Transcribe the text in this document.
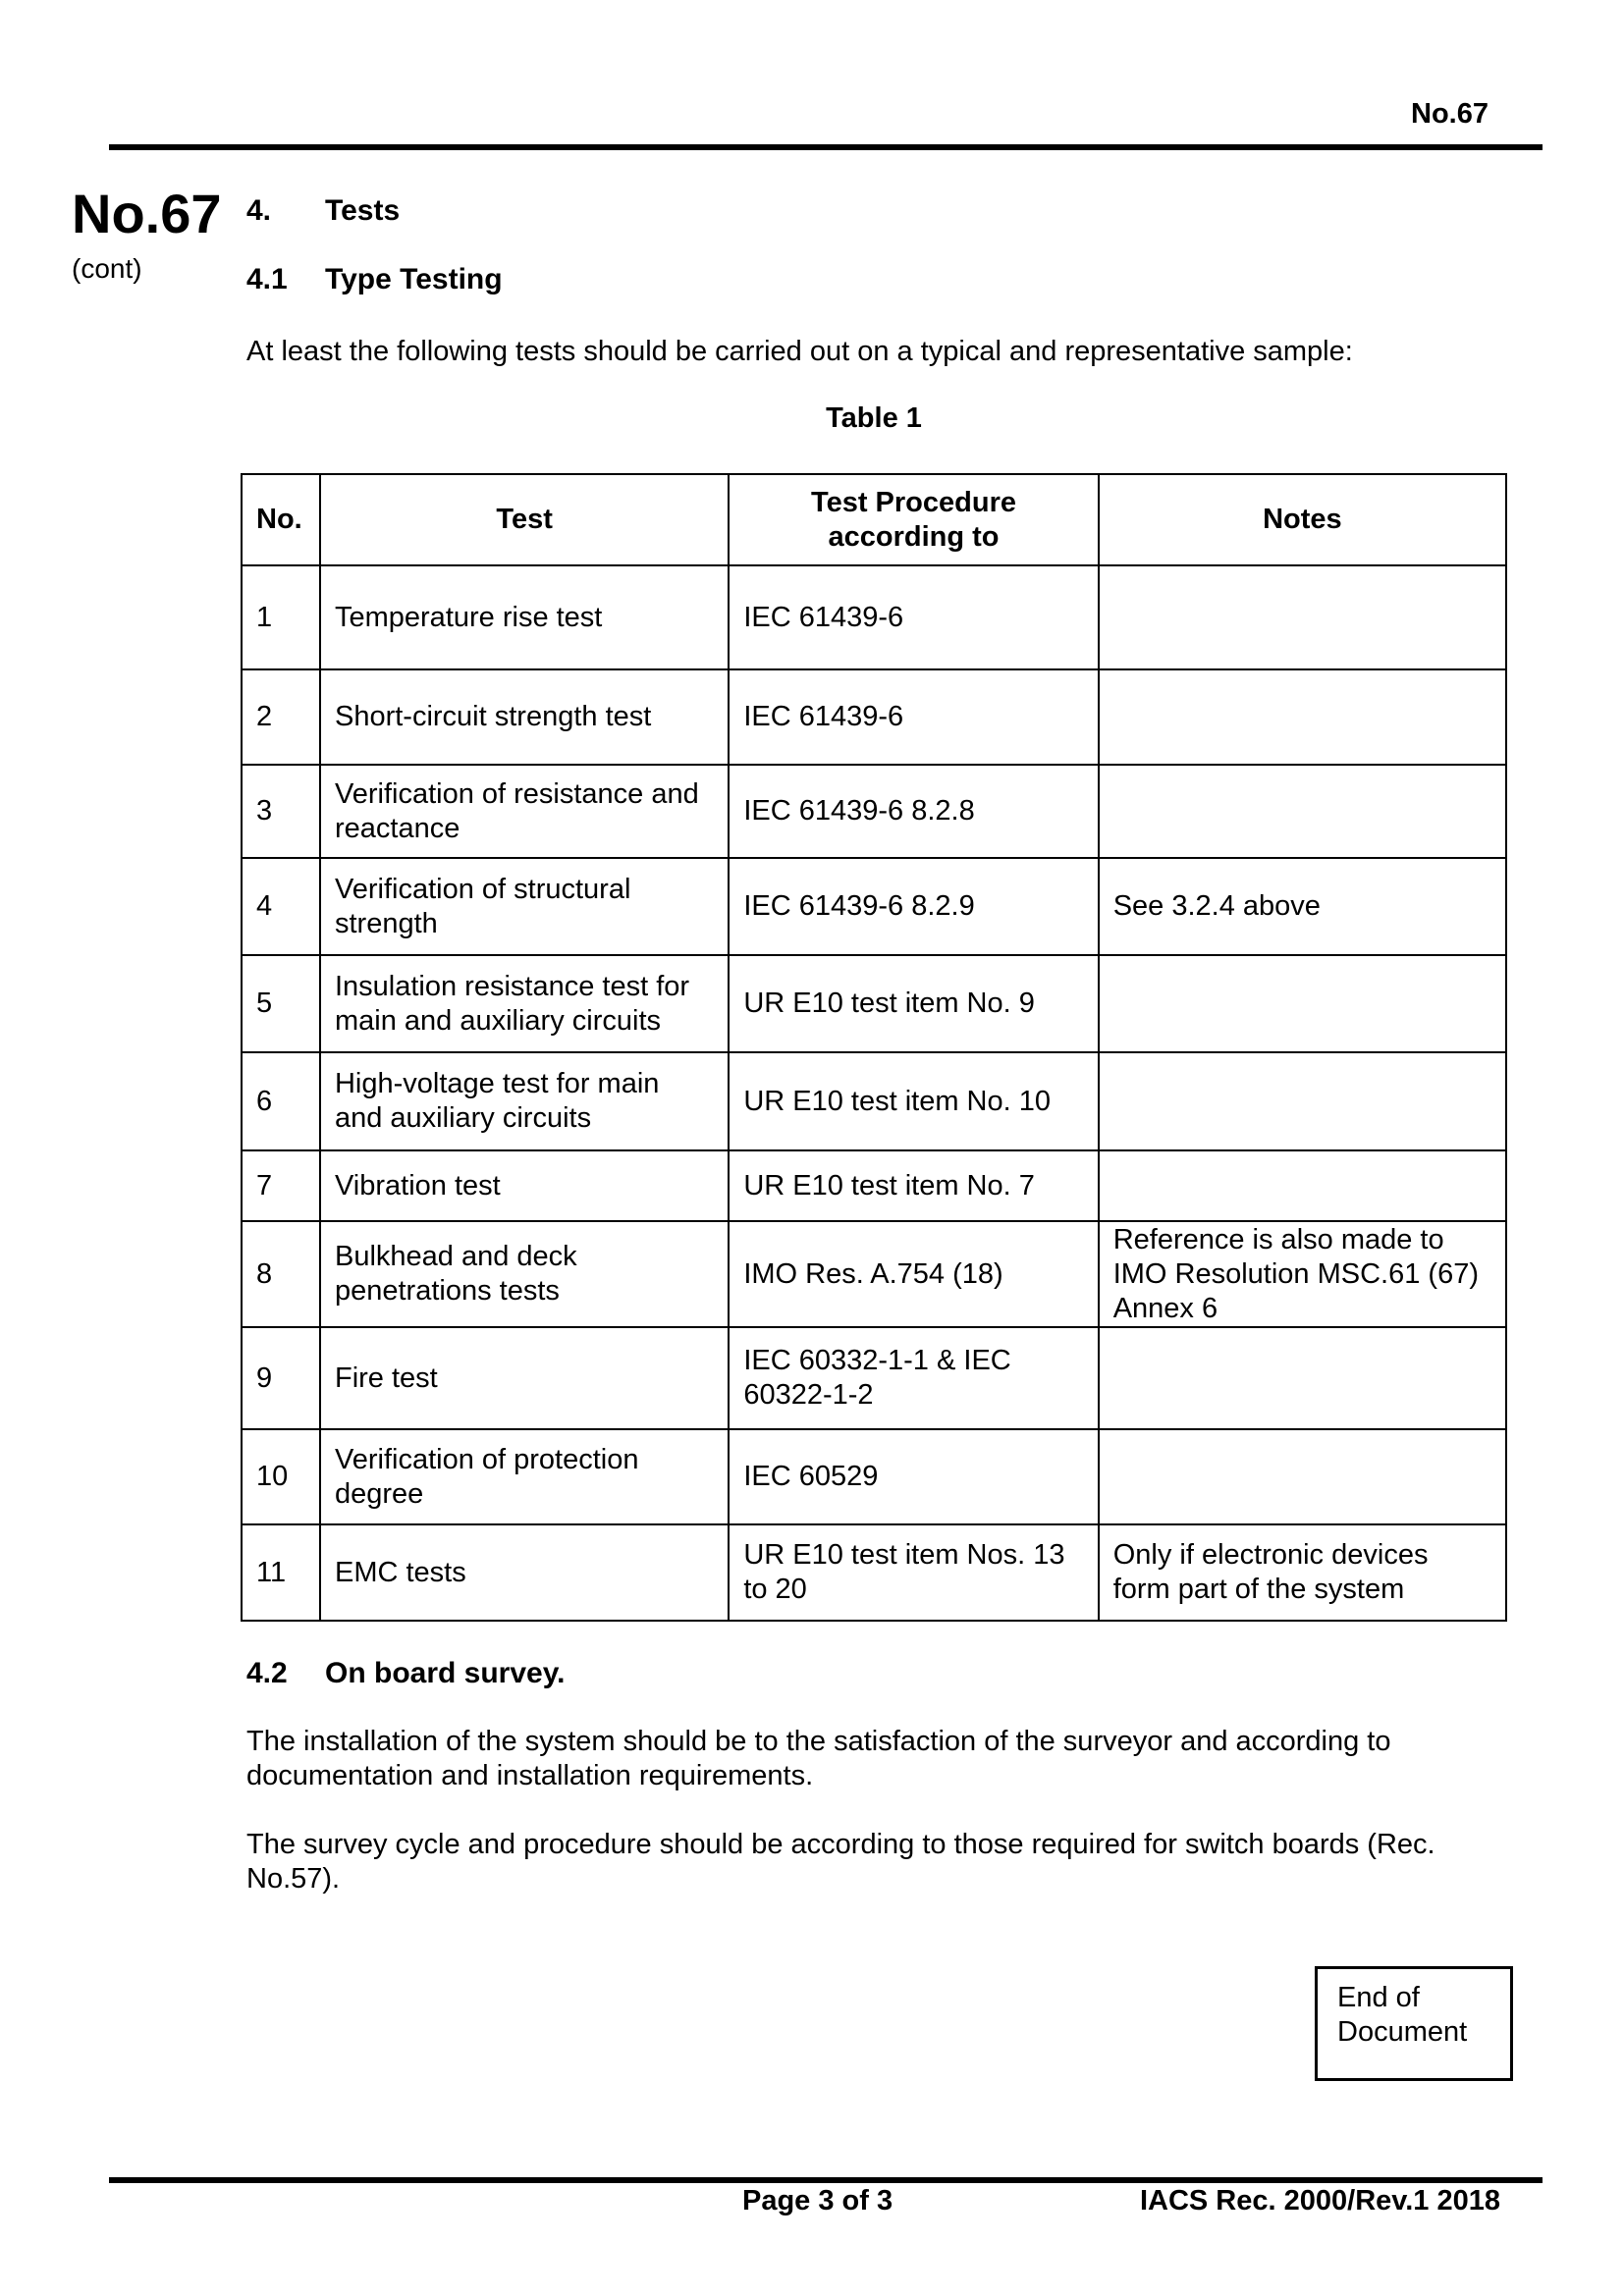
No.67
No.67
(cont)
4. Tests
4.1 Type Testing
At least the following tests should be carried out on a typical and representative sample:
Table 1
No.	Test	Test Procedure according to	Notes
1	Temperature rise test	IEC 61439-6	
2	Short-circuit strength test	IEC 61439-6	
3	Verification of resistance and reactance	IEC 61439-6 8.2.8	
4	Verification of structural strength	IEC 61439-6 8.2.9	See 3.2.4 above
5	Insulation resistance test for main and auxiliary circuits	UR E10 test item No. 9	
6	High-voltage test for main and auxiliary circuits	UR E10 test item No. 10	
7	Vibration test	UR E10 test item No. 7	
8	Bulkhead and deck penetrations tests	IMO Res. A.754 (18)	Reference is also made to IMO Resolution MSC.61 (67) Annex 6
9	Fire test	IEC 60332-1-1 & IEC 60322-1-2	
10	Verification of protection degree	IEC 60529	
11	EMC tests	UR E10 test item Nos. 13 to 20	Only if electronic devices form part of the system
4.2 On board survey.
The installation of the system should be to the satisfaction of the surveyor and according to documentation and installation requirements.
The survey cycle and procedure should be according to those required for switch boards (Rec. No.57).
End of Document
Page 3 of 3	IACS Rec. 2000/Rev.1 2018
